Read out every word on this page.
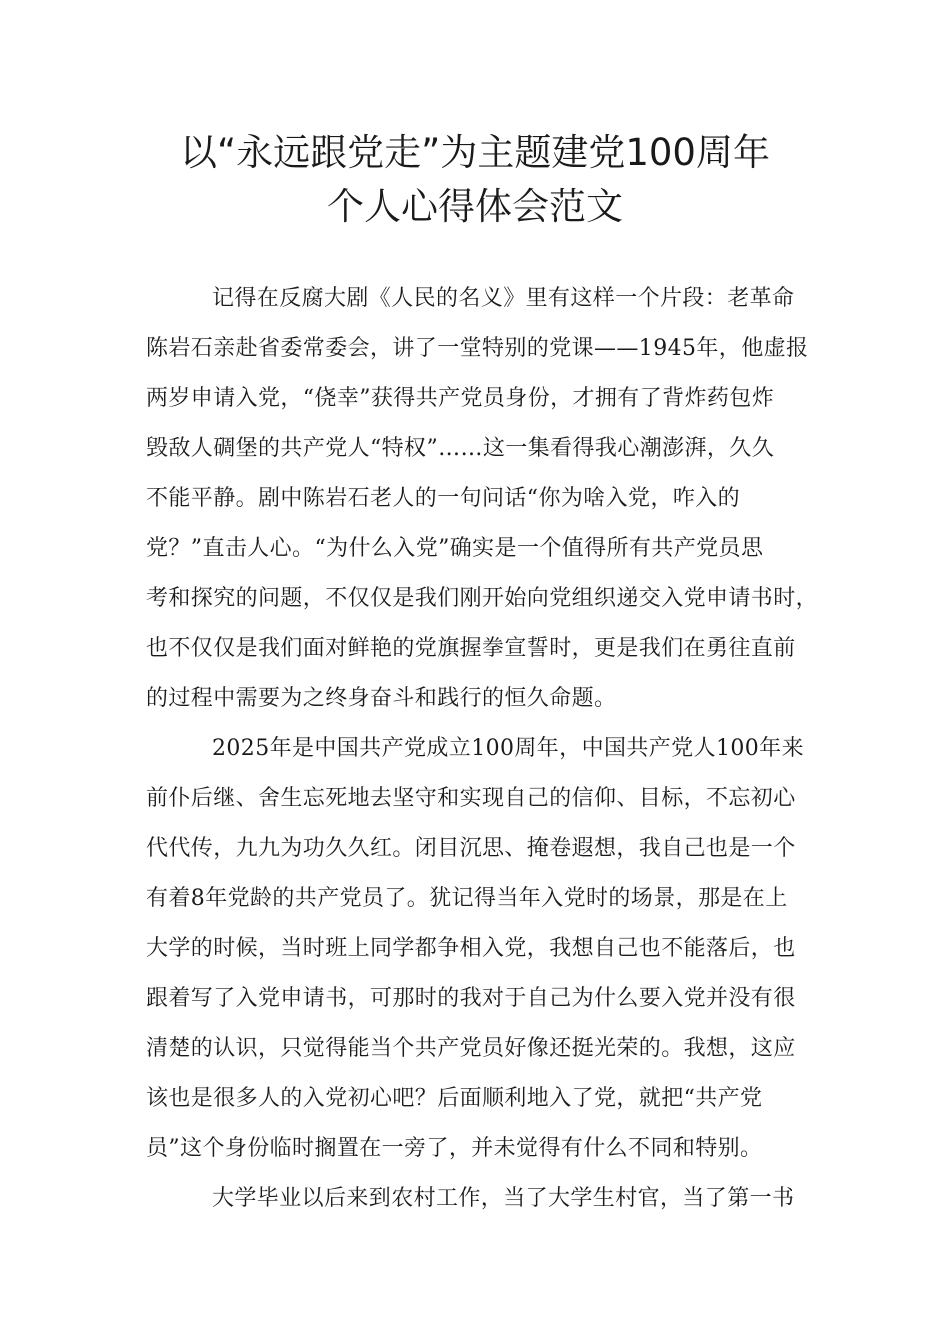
以“永远跟党走”为主题建党100周年
个人心得体会范文
记得在反腐大剧《人民的名义》里有这样一个片段：老革命
陈岩石亲赴省委常委会，讲了一堂特别的党课——1945年，他虚报
两岁申请入党，“侥幸”获得共产党员身份，才拥有了背炸药包炸
毁敌人碉堡的共产党人“特权”……这一集看得我心潮澎湃，久久
不能平静。剧中陈岩石老人的一句问话“你为啥入党，咋入的
党？”直击人心。“为什么入党”确实是一个值得所有共产党员思
考和探究的问题，不仅仅是我们刚开始向党组织递交入党申请书时，
也不仅仅是我们面对鲜艳的党旗握拳宣誓时，更是我们在勇往直前
的过程中需要为之终身奋斗和践行的恒久命题。
2025年是中国共产党成立100周年，中国共产党人100年来
前仆后继、舍生忘死地去坚守和实现自己的信仰、目标，不忘初心
代代传，九九为功久久红。闭目沉思、掩卷遐想，我自己也是一个
有着8年党龄的共产党员了。犹记得当年入党时的场景，那是在上
大学的时候，当时班上同学都争相入党，我想自己也不能落后，也
跟着写了入党申请书，可那时的我对于自己为什么要入党并没有很
清楚的认识，只觉得能当个共产党员好像还挺光荣的。我想，这应
该也是很多人的入党初心吧？后面顺利地入了党，就把“共产党
员”这个身份临时搁置在一旁了，并未觉得有什么不同和特别。
大学毕业以后来到农村工作，当了大学生村官，当了第一书
